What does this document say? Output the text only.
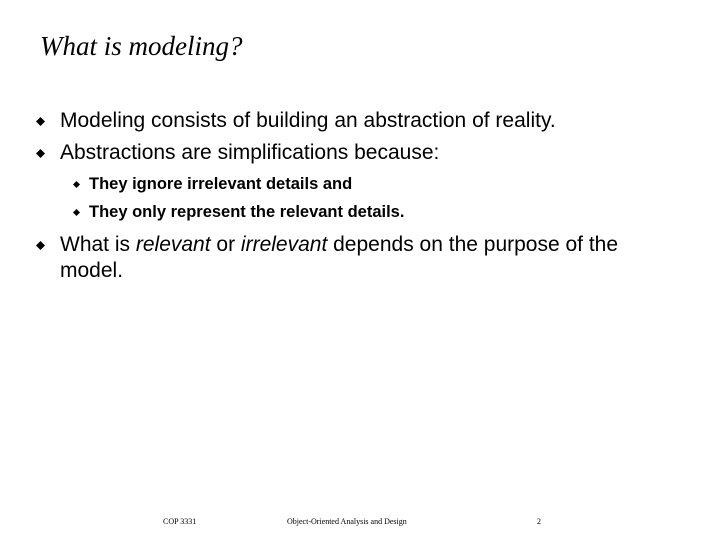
What is modeling?
Modeling consists of building an abstraction of reality.
Abstractions are simplifications because:
They ignore irrelevant details and
They only represent the relevant details.
What is relevant or irrelevant depends on the purpose of the model.
COP 3331	Object-Oriented Analysis and Design	2
